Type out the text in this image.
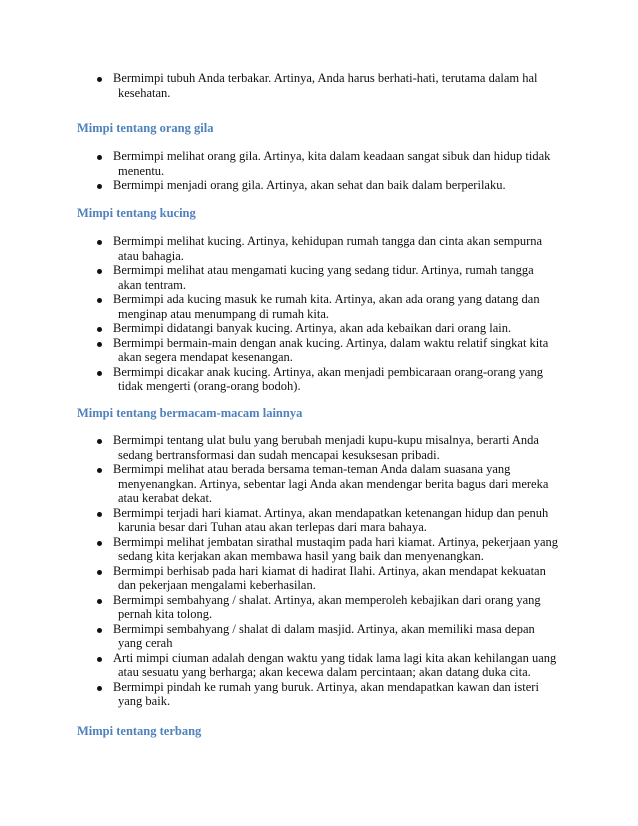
Bermimpi tubuh Anda terbakar. Artinya, Anda harus berhati-hati, terutama dalam hal
kesehatan.
Mimpi tentang orang gila
Bermimpi melihat orang gila. Artinya, kita dalam keadaan sangat sibuk dan hidup tidak
menentu.
Bermimpi menjadi orang gila. Artinya, akan sehat dan baik dalam berperilaku.
Mimpi tentang kucing
Bermimpi melihat kucing. Artinya, kehidupan rumah tangga dan cinta akan sempurna
atau bahagia.
Bermimpi melihat atau mengamati kucing yang sedang tidur. Artinya, rumah tangga
akan tentram.
Bermimpi ada kucing masuk ke rumah kita. Artinya, akan ada orang yang datang dan
menginap atau menumpang di rumah kita.
Bermimpi didatangi banyak kucing. Artinya, akan ada kebaikan dari orang lain.
Bermimpi bermain-main dengan anak kucing. Artinya, dalam waktu relatif singkat kita
akan segera mendapat kesenangan.
Bermimpi dicakar anak kucing. Artinya, akan menjadi pembicaraan orang-orang yang
tidak mengerti (orang-orang bodoh).
Mimpi tentang bermacam-macam lainnya
Bermimpi tentang ulat bulu yang berubah menjadi kupu-kupu misalnya, berarti Anda
sedang bertransformasi dan sudah mencapai kesuksesan pribadi.
Bermimpi melihat atau berada bersama teman-teman Anda dalam suasana yang
menyenangkan. Artinya, sebentar lagi Anda akan mendengar berita bagus dari mereka
atau kerabat dekat.
Bermimpi terjadi hari kiamat. Artinya, akan mendapatkan ketenangan hidup dan penuh
karunia besar dari Tuhan atau akan terlepas dari mara bahaya.
Bermimpi melihat jembatan sirathal mustaqim pada hari kiamat. Artinya, pekerjaan yang
sedang kita kerjakan akan membawa hasil yang baik dan menyenangkan.
Bermimpi berhisab pada hari kiamat di hadirat Ilahi. Artinya, akan mendapat kekuatan
dan pekerjaan mengalami keberhasilan.
Bermimpi sembahyang / shalat. Artinya, akan memperoleh kebajikan dari orang yang
pernah kita tolong.
Bermimpi sembahyang / shalat di dalam masjid. Artinya, akan memiliki masa depan
yang cerah
Arti mimpi ciuman adalah dengan waktu yang tidak lama lagi kita akan kehilangan uang
atau sesuatu yang berharga; akan kecewa dalam percintaan; akan datang duka cita.
Bermimpi pindah ke rumah yang buruk. Artinya, akan mendapatkan kawan dan isteri
yang baik.
Mimpi tentang terbang
